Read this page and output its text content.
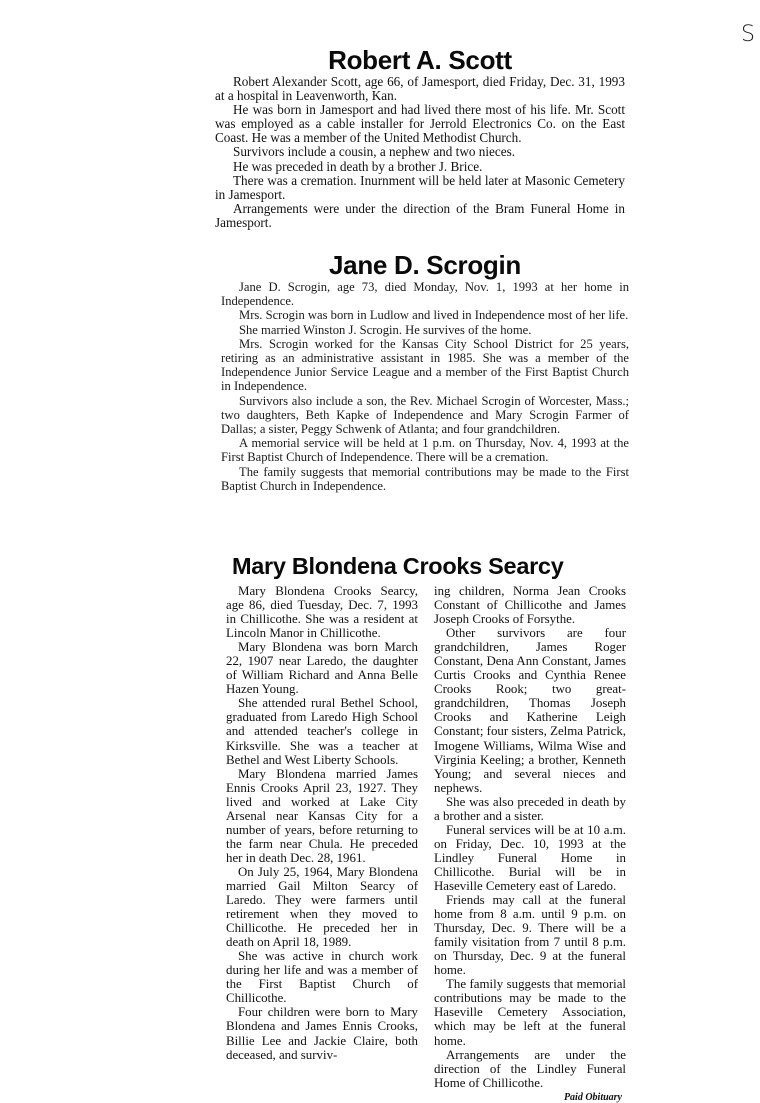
S
Robert A. Scott

Robert Alexander Scott, age 66, of Jamesport, died Friday, Dec. 31, 1993 at a hospital in Leavenworth, Kan.

He was born in Jamesport and had lived there most of his life. Mr. Scott was employed as a cable installer for Jerrold Electronics Co. on the East Coast. He was a member of the United Methodist Church.

Survivors include a cousin, a nephew and two nieces.

He was preceded in death by a brother J. Brice.

There was a cremation. Inurnment will be held later at Masonic Cemetery in Jamesport.

Arrangements were under the direction of the Bram Funeral Home in Jamesport.

Jane D. Scrogin

Jane D. Scrogin, age 73, died Monday, Nov. 1, 1993 at her home in Independence.

Mrs. Scrogin was born in Ludlow and lived in Independence most of her life.

She married Winston J. Scrogin. He survives of the home.

Mrs. Scrogin worked for the Kansas City School District for 25 years, retiring as an administrative assistant in 1985. She was a member of the Independence Junior Service League and a member of the First Baptist Church in Independence.

Survivors also include a son, the Rev. Michael Scrogin of Worcester, Mass.; two daughters, Beth Kapke of Independence and Mary Scrogin Farmer of Dallas; a sister, Peggy Schwenk of Atlanta; and four grandchildren.

A memorial service will be held at 1 p.m. on Thursday, Nov. 4, 1993 at the First Baptist Church of Independence. There will be a cremation.

The family suggests that memorial contributions may be made to the First Baptist Church in Independence.

Mary Blondena Crooks Searcy

Mary Blondena Crooks Searcy, age 86, died Tuesday, Dec. 7, 1993 in Chillicothe. She was a resident at Lincoln Manor in Chillicothe.

Mary Blondena was born March 22, 1907 near Laredo, the daughter of William Richard and Anna Belle Hazen Young.

She attended rural Bethel School, graduated from Laredo High School and attended teacher's college in Kirksville. She was a teacher at Bethel and West Liberty Schools.

Mary Blondena married James Ennis Crooks April 23, 1927. They lived and worked at Lake City Arsenal near Kansas City for a number of years, before returning to the farm near Chula. He preceded her in death Dec. 28, 1961.

On July 25, 1964, Mary Blondena married Gail Milton Searcy of Laredo. They were farmers until retirement when they moved to Chillicothe. He preceded her in death on April 18, 1989.

She was active in church work during her life and was a member of the First Baptist Church of Chillicothe.

Four children were born to Mary Blondena and James Ennis Crooks, Billie Lee and Jackie Claire, both deceased, and surviv-

ing children, Norma Jean Crooks Constant of Chillicothe and James Joseph Crooks of Forsythe.

Other survivors are four grandchildren, James Roger Constant, Dena Ann Constant, James Curtis Crooks and Cynthia Renee Crooks Rook; two great-grandchildren, Thomas Joseph Crooks and Katherine Leigh Constant; four sisters, Zelma Patrick, Imogene Williams, Wilma Wise and Virginia Keeling; a brother, Kenneth Young; and several nieces and nephews.

She was also preceded in death by a brother and a sister.

Funeral services will be at 10 a.m. on Friday, Dec. 10, 1993 at the Lindley Funeral Home in Chillicothe. Burial will be in Haseville Cemetery east of Laredo.

Friends may call at the funeral home from 8 a.m. until 9 p.m. on Thursday, Dec. 9. There will be a family visitation from 7 until 8 p.m. on Thursday, Dec. 9 at the funeral home.

The family suggests that memorial contributions may be made to the Haseville Cemetery Association, which may be left at the funeral home.

Arrangements are under the direction of the Lindley Funeral Home of Chillicothe.

Paid Obituary
